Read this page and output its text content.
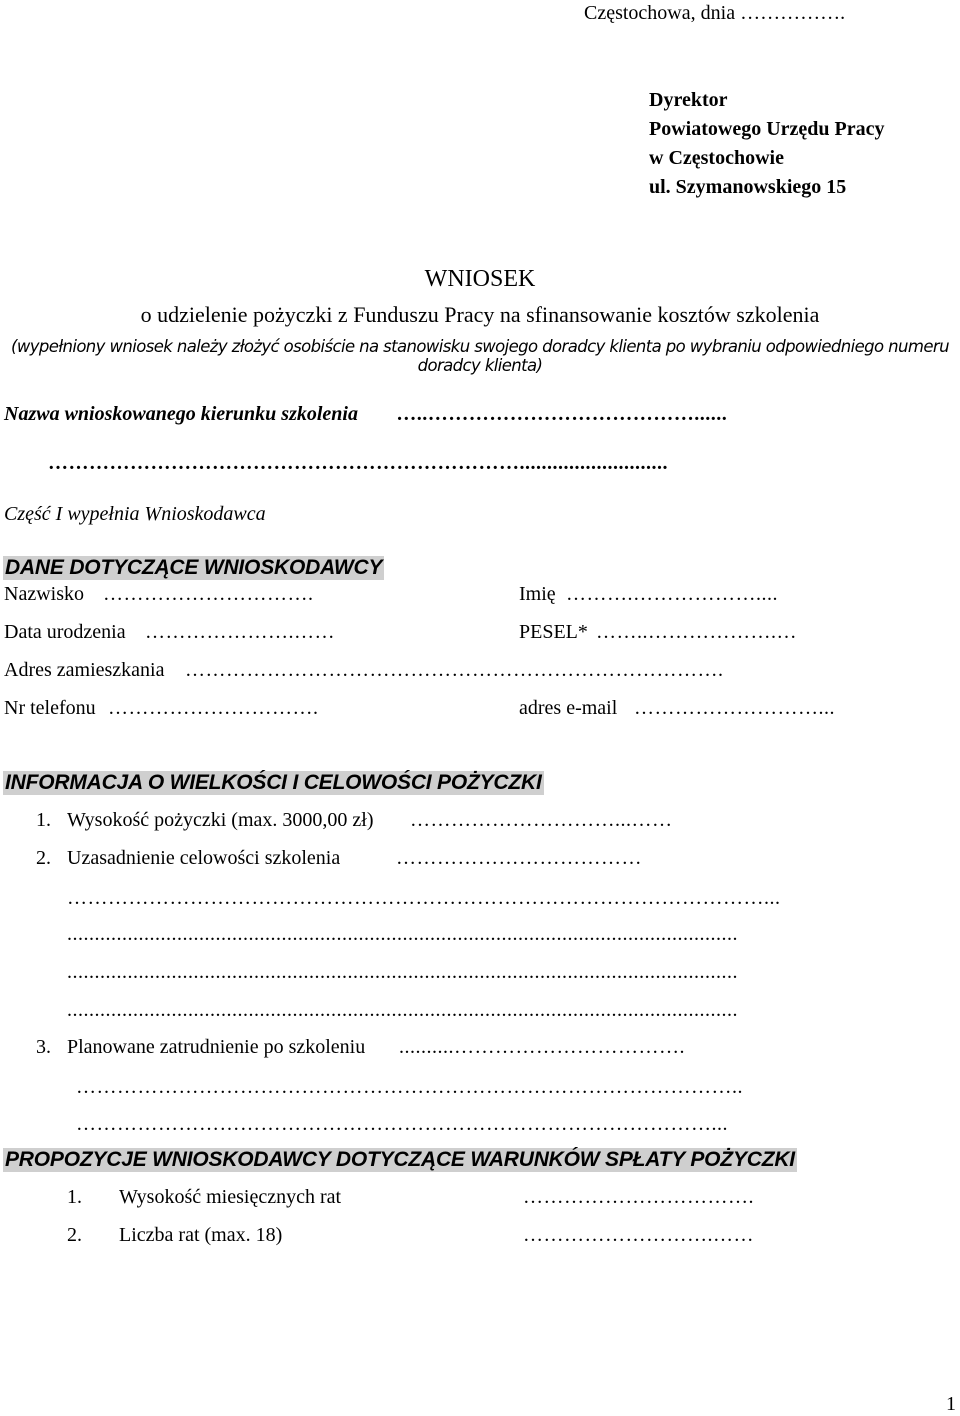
Częstochowa, dnia …………….
Dyrektor
Powiatowego Urzędu Pracy
w Częstochowie
ul. Szymanowskiego 15
WNIOSEK
o udzielenie pożyczki z Funduszu Pracy na sfinansowanie kosztów szkolenia
(wypełniony wniosek należy złożyć osobiście na stanowisku swojego doradcy klienta po wybraniu odpowiedniego numeru
doradcy klienta)
Nazwa wnioskowanego kierunku szkolenia …..…………………………………......
……………………………………………………………...........................
Część I wypełnia Wnioskodawca
DANE DOTYCZĄCE WNIOSKODAWCY
Nazwisko ………………………….	Imię ……….………………....
Data urodzenia ………………….……	PESEL* ……..……………….…
Adres zamieszkania …………………………………………………………………….
Nr telefonu ………………………….	adres e-mail ………………………...
INFORMACJA O WIELKOŚCI I CELOWOŚCI POŻYCZKI
1. Wysokość pożyczki (max. 3000,00 zł) …………………………...……
2. Uzasadnienie celowości szkolenia	………………………………
…………………………………………………………………………………………...
..........................................................................................................................
..........................................................................................................................
..........................................................................................................................
3. Planowane zatrudnienie po szkoleniu ..........…………………………….
……………………………………………………………………………………..
…………………………………………………………………………………...
PROPOZYCJE WNIOSKODAWCY DOTYCZĄCE WARUNKÓW SPŁATY POŻYCZKI
1. Wysokość miesięcznych rat	…………………………….
2. Liczba rat (max. 18)	……………………….……
1
